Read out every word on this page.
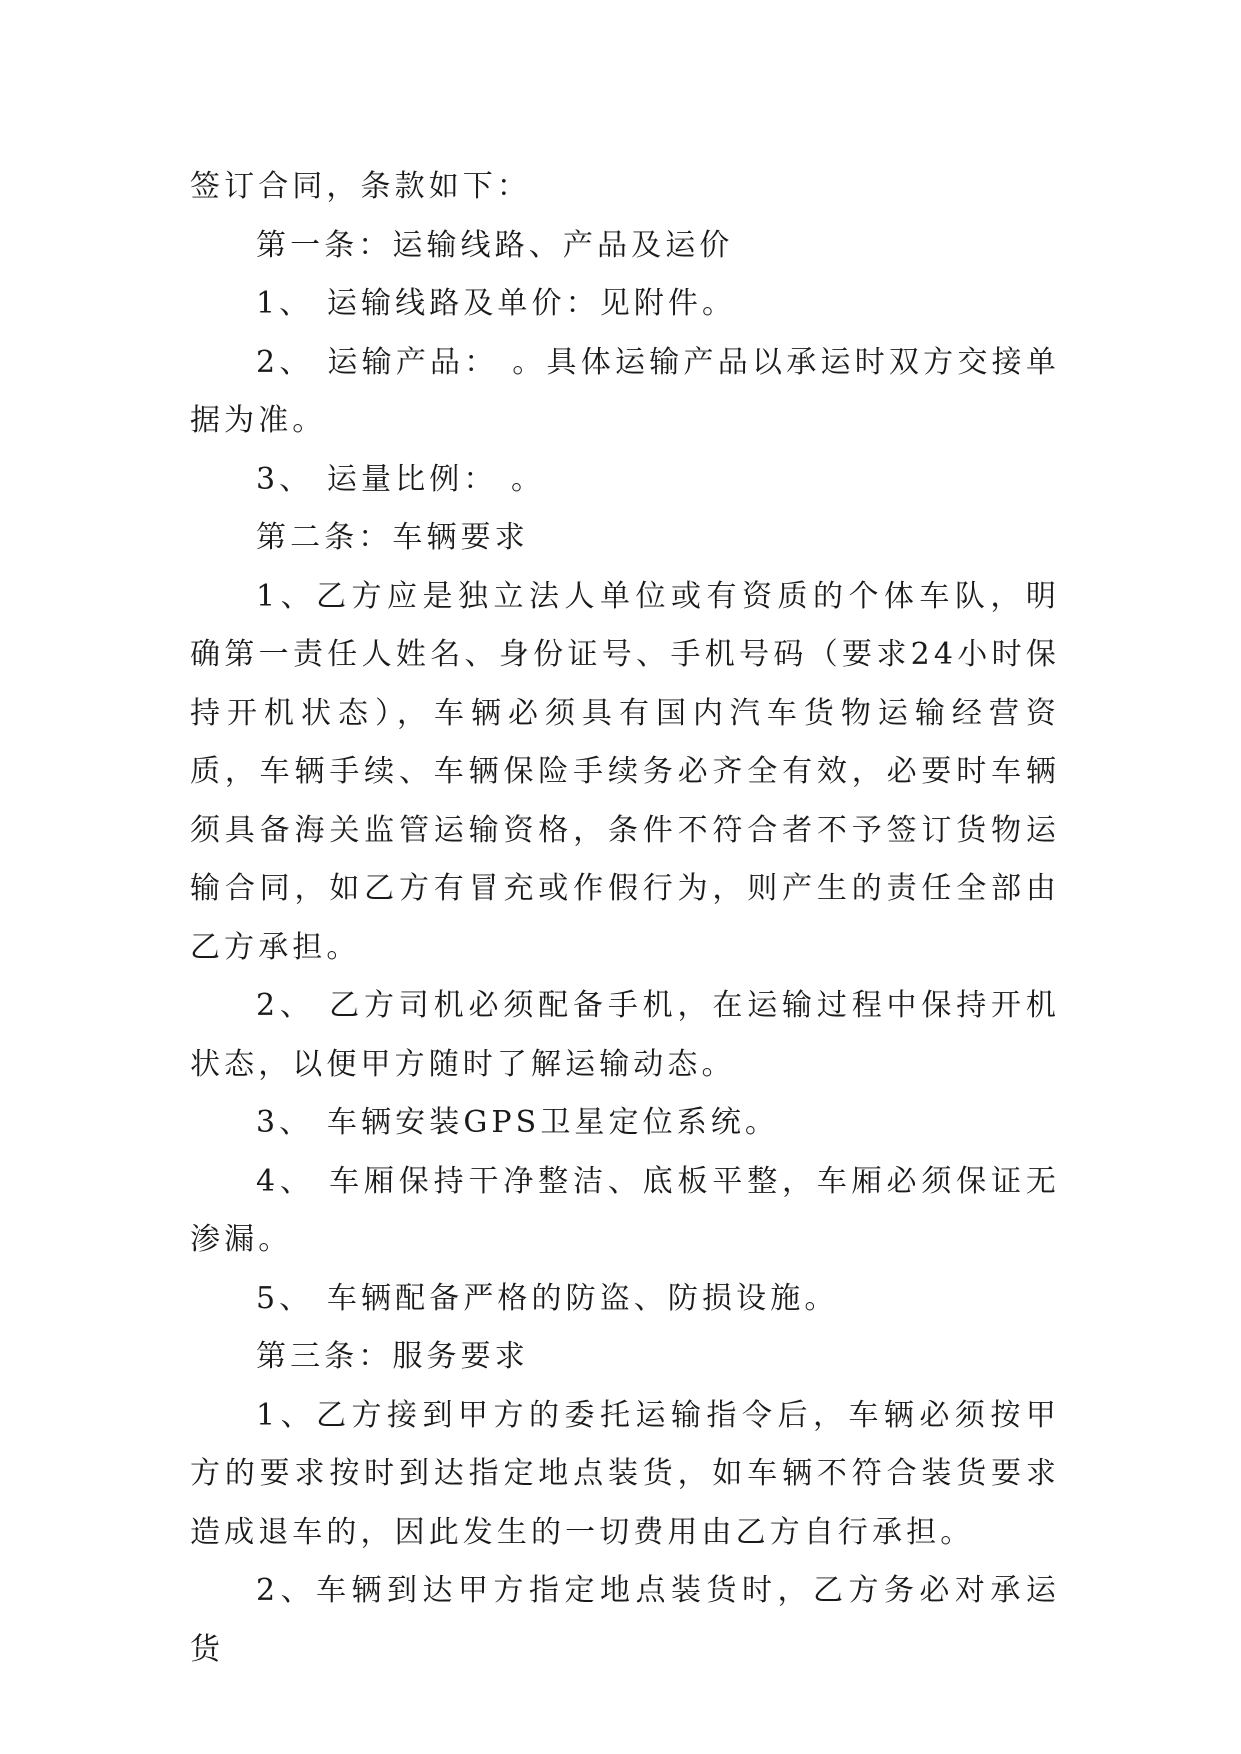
签订合同，条款如下：

第一条：运输线路、产品及运价

1、 运输线路及单价：见附件。

2、 运输产品： 。具体运输产品以承运时双方交接单据为准。

3、 运量比例： 。

第二条：车辆要求

1、乙方应是独立法人单位或有资质的个体车队，明确第一责任人姓名、身份证号、手机号码（要求24小时保持开机状态），车辆必须具有国内汽车货物运输经营资质，车辆手续、车辆保险手续务必齐全有效，必要时车辆须具备海关监管运输资格，条件不符合者不予签订货物运输合同，如乙方有冒充或作假行为，则产生的责任全部由乙方承担。

2、 乙方司机必须配备手机，在运输过程中保持开机状态，以便甲方随时了解运输动态。

3、 车辆安装GPS卫星定位系统。

4、 车厢保持干净整洁、底板平整，车厢必须保证无渗漏。

5、 车辆配备严格的防盗、防损设施。

第三条：服务要求

1、乙方接到甲方的委托运输指令后，车辆必须按甲方的要求按时到达指定地点装货，如车辆不符合装货要求造成退车的，因此发生的一切费用由乙方自行承担。

2、车辆到达甲方指定地点装货时，乙方务必对承运货
